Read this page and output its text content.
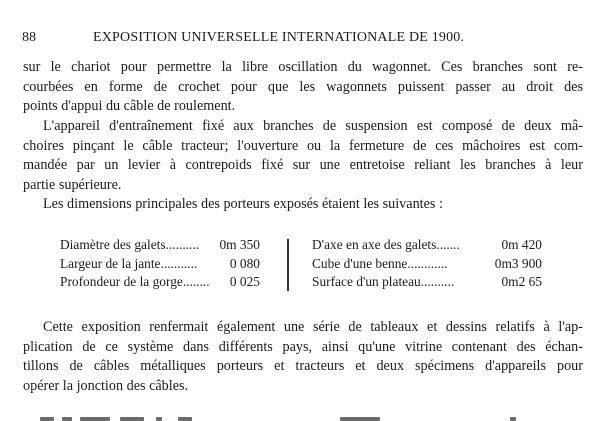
88	EXPOSITION UNIVERSELLE INTERNATIONALE DE 1900.
sur le chariot pour permettre la libre oscillation du wagonnet. Ces branches sont re-
courbées en forme de crochet pour que les wagonnets puissent passer au droit des
points d'appui du câble de roulement.
L'appareil d'entraînement fixé aux branches de suspension est composé de deux mâ-
choires pinçant le câble tracteur; l'ouverture ou la fermeture de ces mâchoires est com-
mandée par un levier à contrepoids fixé sur une entretoise reliant les branches à leur
partie supérieure.
Les dimensions principales des porteurs exposés étaient les suivantes :
Diamètre des galets.......... 0m 350
Largeur de la jante........... 0 080
Profondeur de la gorge........ 0 025
D'axe en axe des galets.......	0m 420
Cube d'une benne............	0m3 900
Surface d'un plateau..........	0m2 65
Cette exposition renfermait également une série de tableaux et dessins relatifs à l'ap-
plication de ce système dans différents pays, ainsi qu'une vitrine contenant des échan-
tillons de câbles métalliques porteurs et tracteurs et deux spécimens d'appareils pour
opérer la jonction des câbles.
